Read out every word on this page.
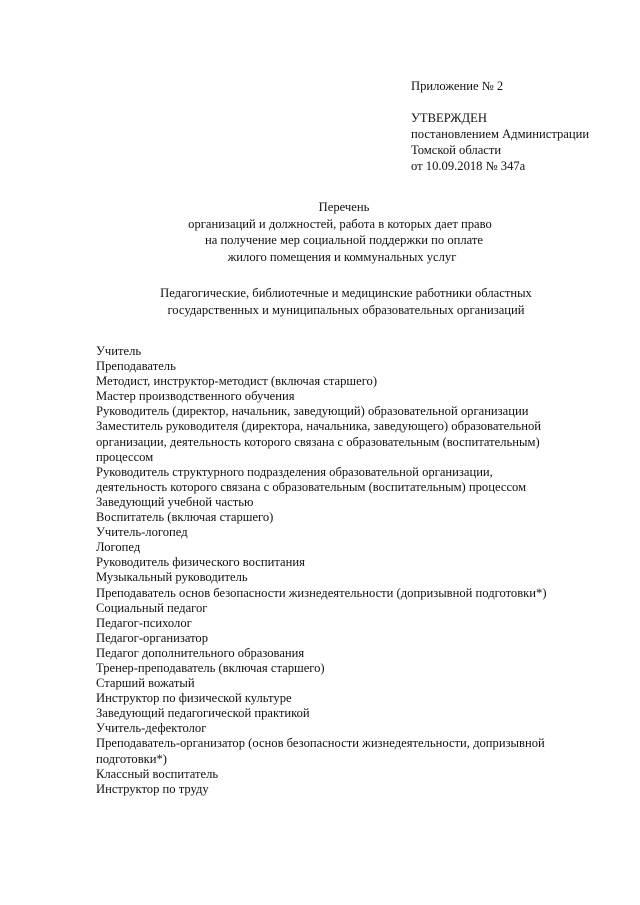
Приложение № 2
УТВЕРЖДЕН
постановлением Администрации
Томской области
от 10.09.2018 № 347а
Перечень
организаций и должностей, работа в которых дает право
на получение мер социальной поддержки по оплате
жилого помещения и коммунальных услуг
Педагогические, библиотечные и медицинские работники областных
государственных и муниципальных образовательных организаций
Учитель
Преподаватель
Методист, инструктор-методист (включая старшего)
Мастер производственного обучения
Руководитель (директор, начальник, заведующий) образовательной организации
Заместитель руководителя (директора, начальника, заведующего) образовательной
организации, деятельность которого связана с образовательным (воспитательным)
процессом
Руководитель структурного подразделения образовательной организации,
деятельность которого связана с образовательным (воспитательным) процессом
Заведующий учебной частью
Воспитатель (включая старшего)
Учитель-логопед
Логопед
Руководитель физического воспитания
Музыкальный руководитель
Преподаватель основ безопасности жизнедеятельности (допризывной подготовки*)
Социальный педагог
Педагог-психолог
Педагог-организатор
Педагог дополнительного образования
Тренер-преподаватель (включая старшего)
Старший вожатый
Инструктор по физической культуре
Заведующий педагогической практикой
Учитель-дефектолог
Преподаватель-организатор (основ безопасности жизнедеятельности, допризывной
подготовки*)
Классный воспитатель
Инструктор по труду
